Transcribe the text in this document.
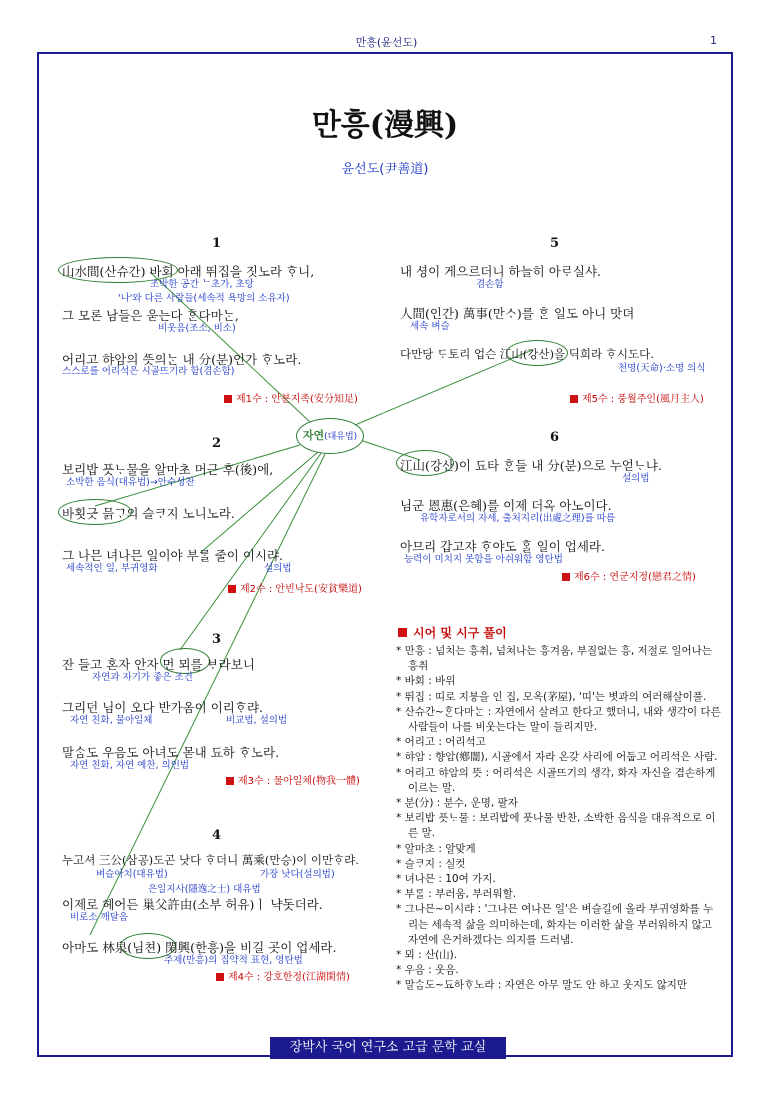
만흥(윤선도)	1
만흥(漫興)
윤선도(尹善道)
1
山水間(산슈간) 바회 아래 뛰집을 짓노라 ᄒᆞ니,
조박한 공간 ᄂ초가, 초당
'나'와 다른 사람들(세속적 욕망의 소유자)
그 모론 남들은 욷는다 ᄒᆞᆫ다마ᄂᆞᆫ,
비웃음(조소, 비소)
어리고 햐암의 ᄯᅳᆺ의ᄂᆞᆫ 내 分(분)인가 ᄒᆞ노라.
스스로를 어리석은 시골뜨기라 함(겸손함)
제1수 : 안분지족(安分知足)
자연(대유법)
2
보리밥 픗ᄂᆞ물을 알마초 머근 후(後)에,
소박한 음식(대유법)→안수성찬
바횟긋 믉ᄀᆞ의 슬ᄏᆞ지 노니노라.
그 나믄 녀나믄 일이야 부ᄅᆞᆯ 줄이 이시랴.
세속적인 일, 부귀영화	설의법
제2수 : 안빈낙도(安貧樂道)
3
잔 들고 혼자 안자 먼 뫼를 ᄇᆞ라보니
자연과 자기가 좋은 조건
그리던 님이 오다 반가옴이 이리ᄒᆞ랴.
자연 친화, 물아일체	비교법, 설의법
말ᄉᆞᆷ도 우음도 아녀도 몯내 됴하 ᄒᆞ노라.
자연 친화, 자연 예찬, 의인법
제3수 : 물아일체(物我一體)
4
누고셔 三公(삼공)도곤 낫다 ᄒᆞ더니 萬乘(만승)이 이만ᄒᆞ랴.
벼슬아치(대유법)	가장 낫다(설의법)
은일지사(隱逸之士) 대유법
이제로 헤어든 巢父許由(소부 허유)ㅣ 냑돗더라.
비로소 깨달음
아마도 林泉(님쳔) 閑興(한흥)을 비길 곳이 업세라.
주제(만흥)의 집약적 표현, 영탄법
제4수 : 강호한정(江湖閑情)
5
내 셩이 게으르더니 하늘히 아ᄅᆞ실샤.
겸손함
人間(인간) 萬事(만ᄉᆞ)를 ᄒᆞᆫ 일도 아니 맛뎌
세속 벼슬
다만당 ᄃᆞ토리 업슨 江山(강산)을 딕희라 ᄒᆞ시도다.
천명(天命)·소명 의식
제5수 : 풍월주인(風月主人)
6
江山(강산)이 됴타 ᄒᆞᆫ들 내 分(분)으로 누얻ᄂᆞ냐.
설의법
님군 恩惠(은혜)를 이제 더옥 아노이다.
유학자로서의 자세, 출처지리(出處之理)를 따름
아므리 갑고쟈 ᄒᆞ야도 ᄒᆞᆯ 일이 업세라.
능력이 미치지 못함을 아쉬워함 영탄법
제6수 : 연군지정(戀君之情)
시어 및 시구 풀이
* 만흥 : 넘치는 흥취, 넘쳐나는 흥겨움, 부질없는 흥, 저절로 일어나는 흥취
* 바회 : 바위
* 뛰집 : 띠로 지붕을 인 집, 모옥(茅屋), '띠'는 볏과의 여러해살이풀.
* 산슈간~ᄒᆞᆫ다마ᄂᆞᆫ : 자연에서 살려고 한다고 했더니, 내와 생각이 다른 사람들이 나를 비웃는다는 말이 들리지만.
* 어리고 : 어리석고
* 햐암 : 향암(鄕闇), 시골에서 자라 온갖 사리에 어둡고 어리석은 사람.
* 어리고 햐암의 뜻 : 어리석은 시골뜨기의 생각, 화자 자신을 겸손하게 이르는 말.
* 분(分) : 분수, 운명, 팔자
* 보리밥 픗ᄂᆞ물 : 보리밥에 풋나물 반찬, 소박한 음식을 대유적으로 이른 말.
* 알마초 : 알맞게
* 슬ᄏᆞ지 : 실컷
* 녀나믄 : 10여 가지.
* 부ᄅᆞᆯ : 부러움, 부러워할.
* 그나믄~이시랴 : '그나믄 여나믄 일'은 벼슬길에 올라 부귀영화를 누리는 세속적 삶을 의미하는데, 화자는 이러한 삶을 부러워하지 않고 자연에 은거하겠다는 의지를 드러냄.
* 뫼 : 산(山).
* 우음 : 웃음.
* 말ᄉᆞᆷ도~됴하ᄒᆞ노라 : 자연은 아무 말도 안 하고 웃지도 않지만
장박사 국어 연구소 고급 문학 교실
